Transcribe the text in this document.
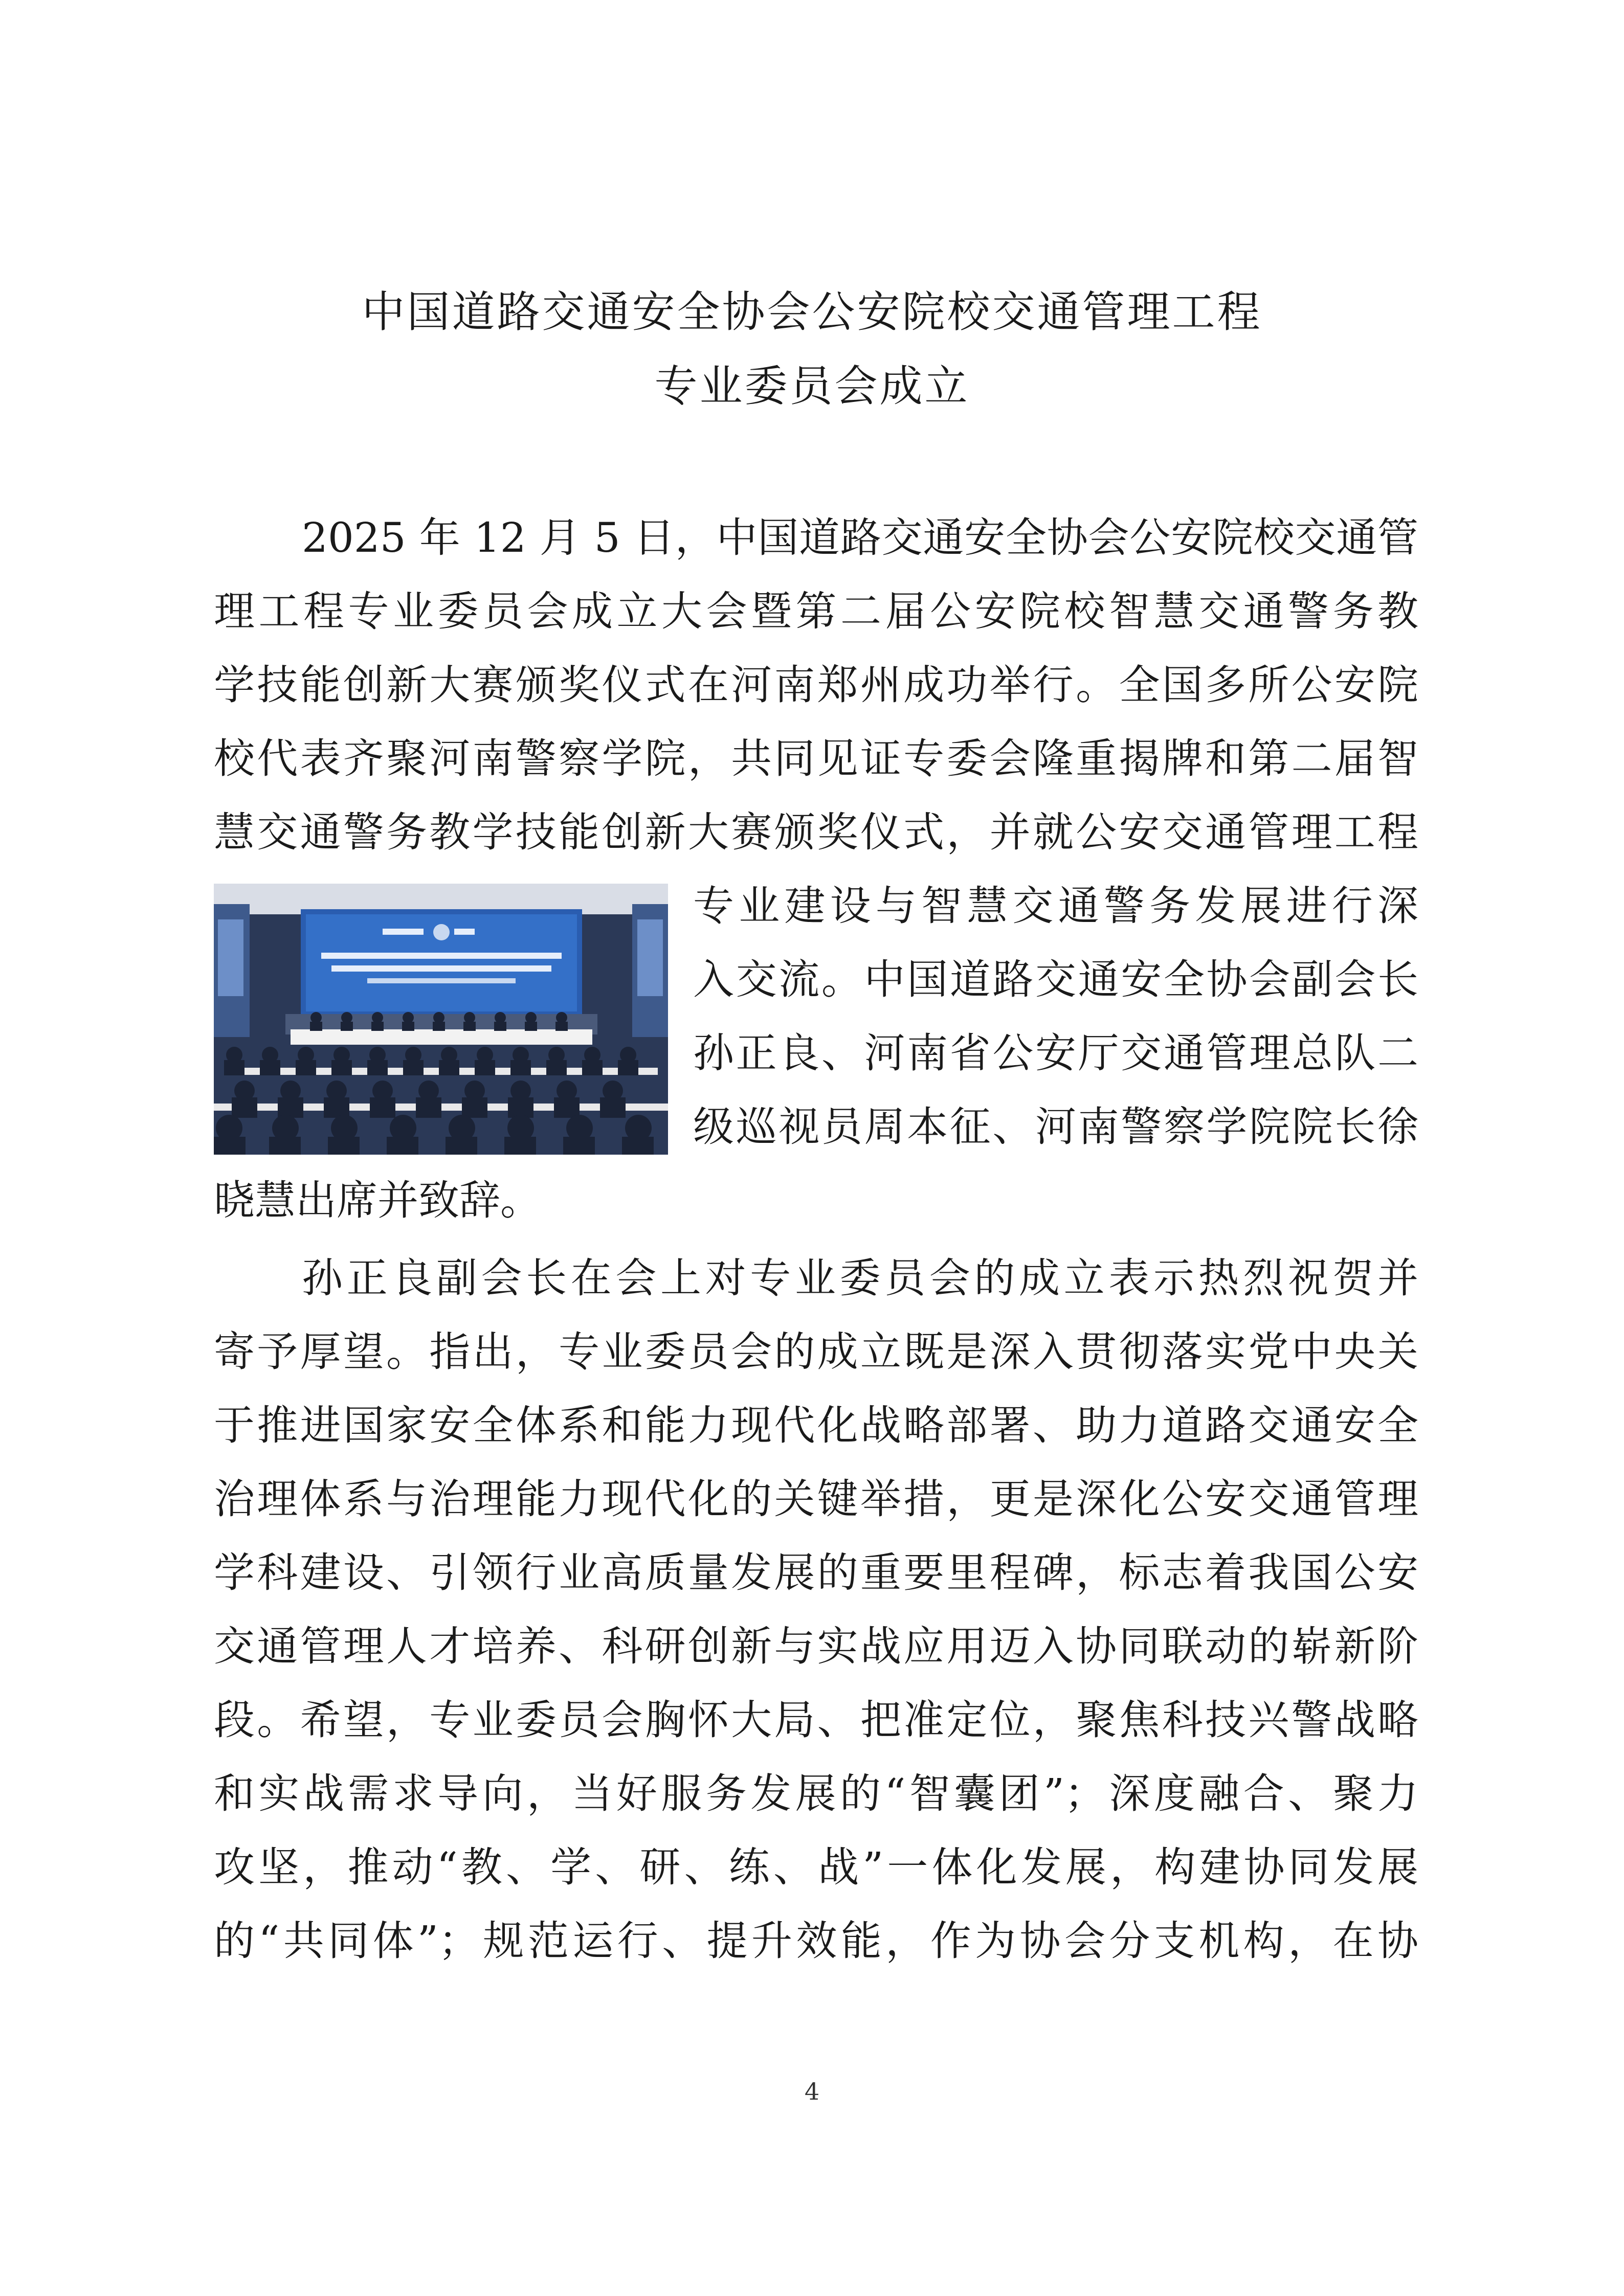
中国道路交通安全协会公安院校交通管理工程
专业委员会成立
2025 年 12 月 5 日，中国道路交通安全协会公安院校交通管
理工程专业委员会成立大会暨第二届公安院校智慧交通警务教
学技能创新大赛颁奖仪式在河南郑州成功举行。全国多所公安院
校代表齐聚河南警察学院，共同见证专委会隆重揭牌和第二届智
慧交通警务教学技能创新大赛颁奖仪式，并就公安交通管理工程
专业建设与智慧交通警务发展进行深
入交流。中国道路交通安全协会副会长
孙正良、河南省公安厅交通管理总队二
级巡视员周本征、河南警察学院院长徐
晓慧出席并致辞。
孙正良副会长在会上对专业委员会的成立表示热烈祝贺并
寄予厚望。指出，专业委员会的成立既是深入贯彻落实党中央关
于推进国家安全体系和能力现代化战略部署、助力道路交通安全
治理体系与治理能力现代化的关键举措，更是深化公安交通管理
学科建设、引领行业高质量发展的重要里程碑，标志着我国公安
交通管理人才培养、科研创新与实战应用迈入协同联动的崭新阶
段。希望，专业委员会胸怀大局、把准定位，聚焦科技兴警战略
和实战需求导向，当好服务发展的“智囊团”；深度融合、聚力
攻坚，推动“教、学、研、练、战”一体化发展，构建协同发展
的“共同体”；规范运行、提升效能，作为协会分支机构，在协
4
